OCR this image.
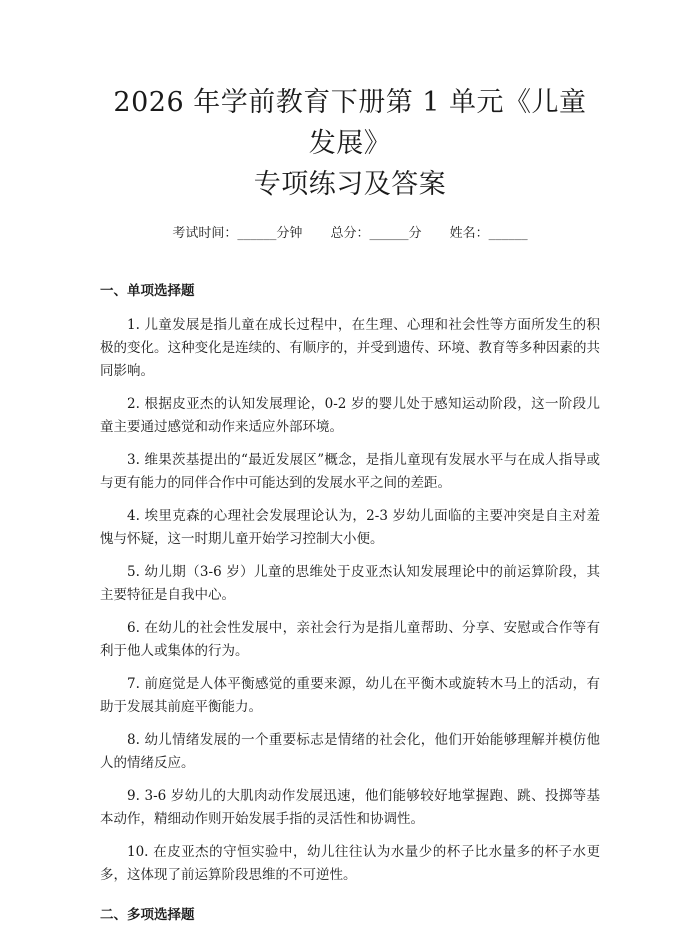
2026 年学前教育下册第 1 单元《儿童发展》
专项练习及答案
考试时间：______分钟 总分：______分 姓名：______
一、单项选择题

1. 儿童发展是指儿童在成长过程中，在生理、心理和社会性等方面所发生的积极的变化。这种变化是连续的、有顺序的，并受到遗传、环境、教育等多种因素的共同影响。

2. 根据皮亚杰的认知发展理论，0-2 岁的婴儿处于感知运动阶段，这一阶段儿童主要通过感觉和动作来适应外部环境。

3. 维果茨基提出的“最近发展区”概念，是指儿童现有发展水平与在成人指导或与更有能力的同伴合作中可能达到的发展水平之间的差距。

4. 埃里克森的心理社会发展理论认为，2-3 岁幼儿面临的主要冲突是自主对羞愧与怀疑，这一时期儿童开始学习控制大小便。

5. 幼儿期（3-6 岁）儿童的思维处于皮亚杰认知发展理论中的前运算阶段，其主要特征是自我中心。

6. 在幼儿的社会性发展中，亲社会行为是指儿童帮助、分享、安慰或合作等有利于他人或集体的行为。

7. 前庭觉是人体平衡感觉的重要来源，幼儿在平衡木或旋转木马上的活动，有助于发展其前庭平衡能力。

8. 幼儿情绪发展的一个重要标志是情绪的社会化，他们开始能够理解并模仿他人的情绪反应。

9. 3-6 岁幼儿的大肌肉动作发展迅速，他们能够较好地掌握跑、跳、投掷等基本动作，精细动作则开始发展手指的灵活性和协调性。

10. 在皮亚杰的守恒实验中，幼儿往往认为水量少的杯子比水量多的杯子水更多，这体现了前运算阶段思维的不可逆性。

二、多项选择题
